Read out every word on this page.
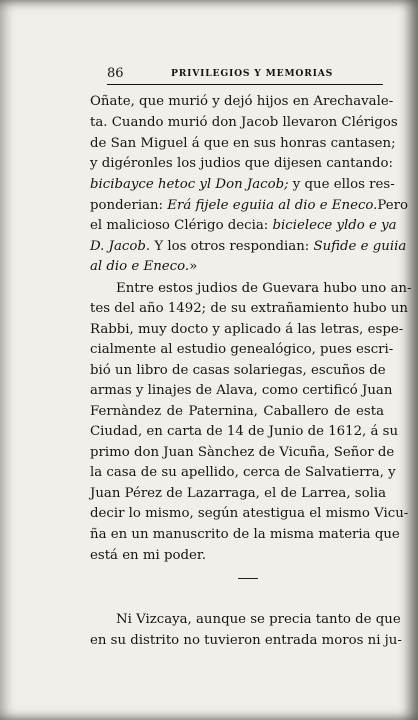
86	PRIVILEGIOS Y MEMORIAS
Oñate, que murió y dejó hijos en Arechavale-
ta. Cuando murió don Jacob llevaron Clérigos
de San Miguel á que en sus honras cantasen;
y digéronles los judios que dijesen cantando:
bicibayce hetoc yl Don Jacob; y que ellos res-
ponderian: Erá fijele eguiia al dio e Eneco.Pero
el malicioso Clérigo decia: bicielece yldo e ya
D. Jacob. Y los otros respondian: Sufide e guiia
al dio e Eneco.»
Entre estos judios de Guevara hubo uno an-
tes del año 1492; de su extrañamiento hubo un
Rabbi, muy docto y aplicado á las letras, espe-
cialmente al estudio genealógico, pues escri-
bió un libro de casas solariegas, escuños de
armas y linajes de Alava, como certificó Juan
Fernàndez de Paternina, Caballero de esta
Ciudad, en carta de 14 de Junio de 1612, á su
primo don Juan Sànchez de Vicuña, Señor de
la casa de su apellido, cerca de Salvatierra, y
Juan Pérez de Lazarraga, el de Larrea, solia
decir lo mismo, según atestigua el mismo Vicu-
ña en un manuscrito de la misma materia que
está en mi poder.
Ni Vizcaya, aunque se precia tanto de que
en su distrito no tuvieron entrada moros ni ju-
